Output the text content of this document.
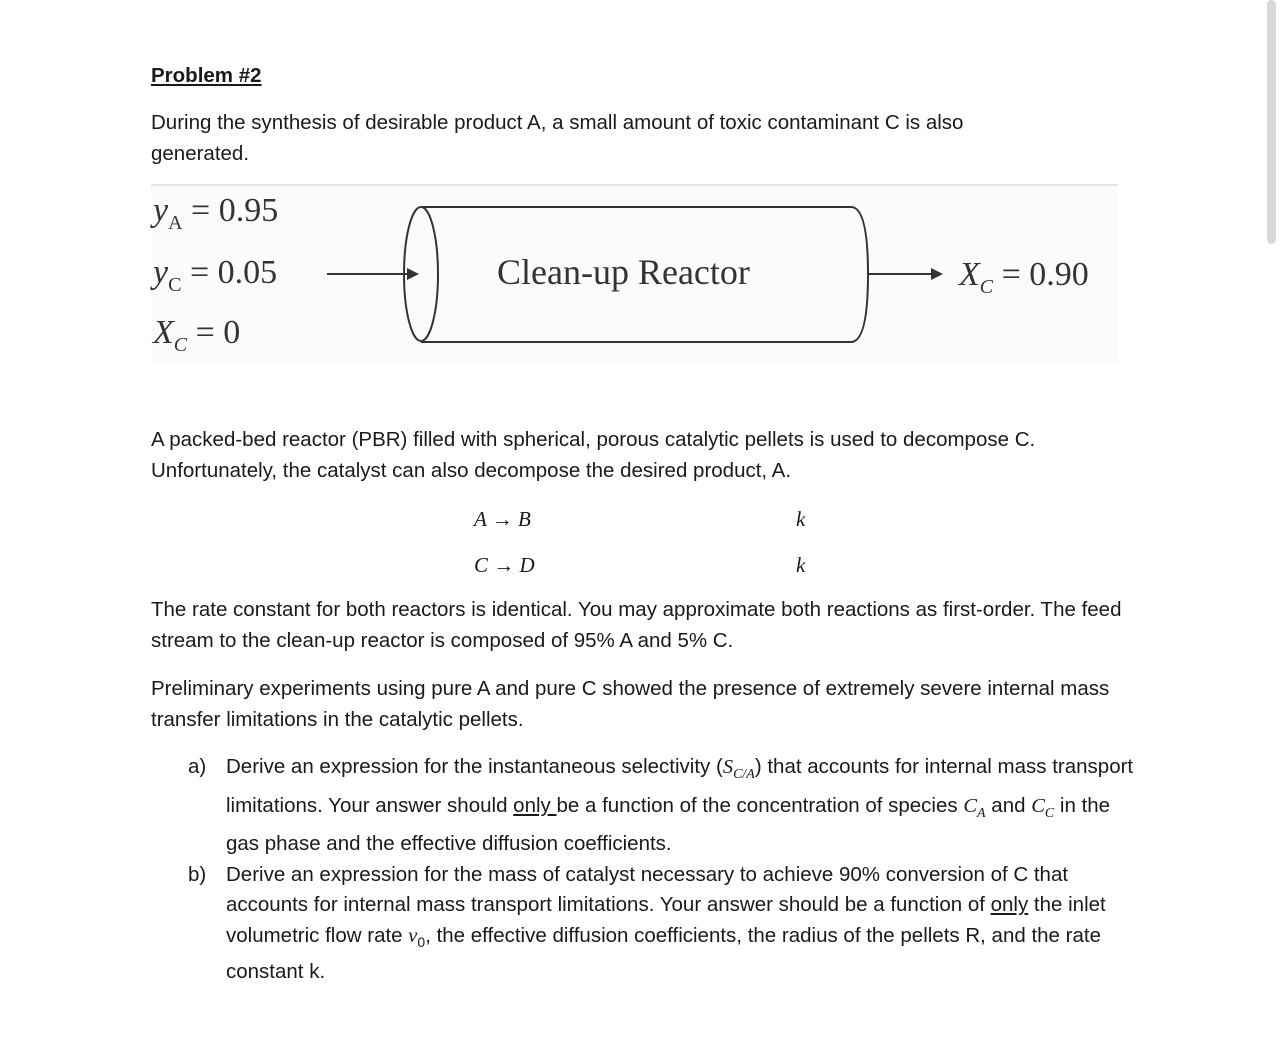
Problem #2

During the synthesis of desirable product A, a small amount of toxic contaminant C is also generated.

Clean-up Reactor
$y_A = 0.95$
$y_C = 0.05$
$X_C = 0$
$X_C = 0.90$

A packed-bed reactor (PBR) filled with spherical, porous catalytic pellets is used to decompose C. Unfortunately, the catalyst can also decompose the desired product, A.

A → B	k
C → D	k

The rate constant for both reactors is identical. You may approximate both reactions as first-order. The feed stream to the clean-up reactor is composed of 95% A and 5% C.

Preliminary experiments using pure A and pure C showed the presence of extremely severe internal mass transfer limitations in the catalytic pellets.

a) Derive an expression for the instantaneous selectivity $(S_{C/A})$ that accounts for internal mass transport limitations. Your answer should only be a function of the concentration of species $C_A$ and $C_C$ in the gas phase and the effective diffusion coefficients.
b) Derive an expression for the mass of catalyst necessary to achieve 90% conversion of C that accounts for internal mass transport limitations. Your answer should be a function of only the inlet volumetric flow rate $v_0$, the effective diffusion coefficients, the radius of the pellets R, and the rate constant k.
